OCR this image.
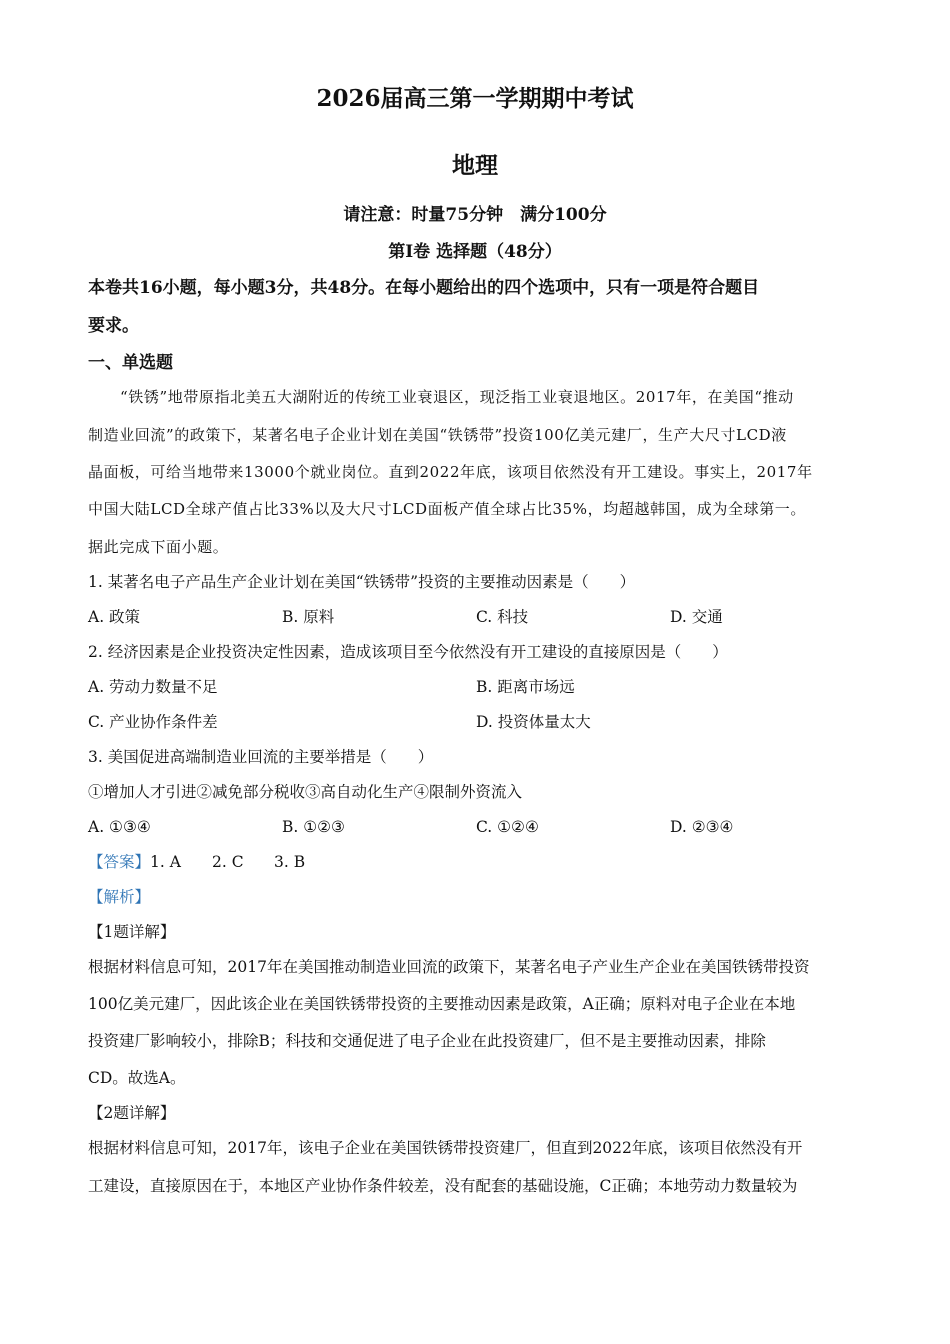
2026届高三第一学期期中考试
地理
请注意：时量75分钟　满分100分
第Ⅰ卷 选择题（48分）
本卷共16小题，每小题3分，共48分。在每小题给出的四个选项中，只有一项是符合题目
要求。
一、单选题
“铁锈”地带原指北美五大湖附近的传统工业衰退区，现泛指工业衰退地区。2017年，在美国“推动
制造业回流”的政策下，某著名电子企业计划在美国“铁锈带”投资100亿美元建厂，生产大尺寸LCD液
晶面板，可给当地带来13000个就业岗位。直到2022年底，该项目依然没有开工建设。事实上，2017年
中国大陆LCD全球产值占比33%以及大尺寸LCD面板产值全球占比35%，均超越韩国，成为全球第一。
据此完成下面小题。
1. 某著名电子产品生产企业计划在美国“铁锈带”投资的主要推动因素是（　　）
A. 政策	B. 原料	C. 科技	D. 交通
2. 经济因素是企业投资决定性因素，造成该项目至今依然没有开工建设的直接原因是（　　）
A. 劳动力数量不足	B. 距离市场远
C. 产业协作条件差	D. 投资体量太大
3. 美国促进高端制造业回流的主要举措是（　　）
①增加人才引进②减免部分税收③高自动化生产④限制外资流入
A. ①③④	B. ①②③	C. ①②④	D. ②③④
【答案】1. A 2. C 3. B
【解析】
【1题详解】
根据材料信息可知，2017年在美国推动制造业回流的政策下，某著名电子产业生产企业在美国铁锈带投资
100亿美元建厂，因此该企业在美国铁锈带投资的主要推动因素是政策，A正确；原料对电子企业在本地
投资建厂影响较小，排除B；科技和交通促进了电子企业在此投资建厂，但不是主要推动因素，排除
CD。故选A。
【2题详解】
根据材料信息可知，2017年，该电子企业在美国铁锈带投资建厂，但直到2022年底，该项目依然没有开
工建设，直接原因在于，本地区产业协作条件较差，没有配套的基础设施，C正确；本地劳动力数量较为
